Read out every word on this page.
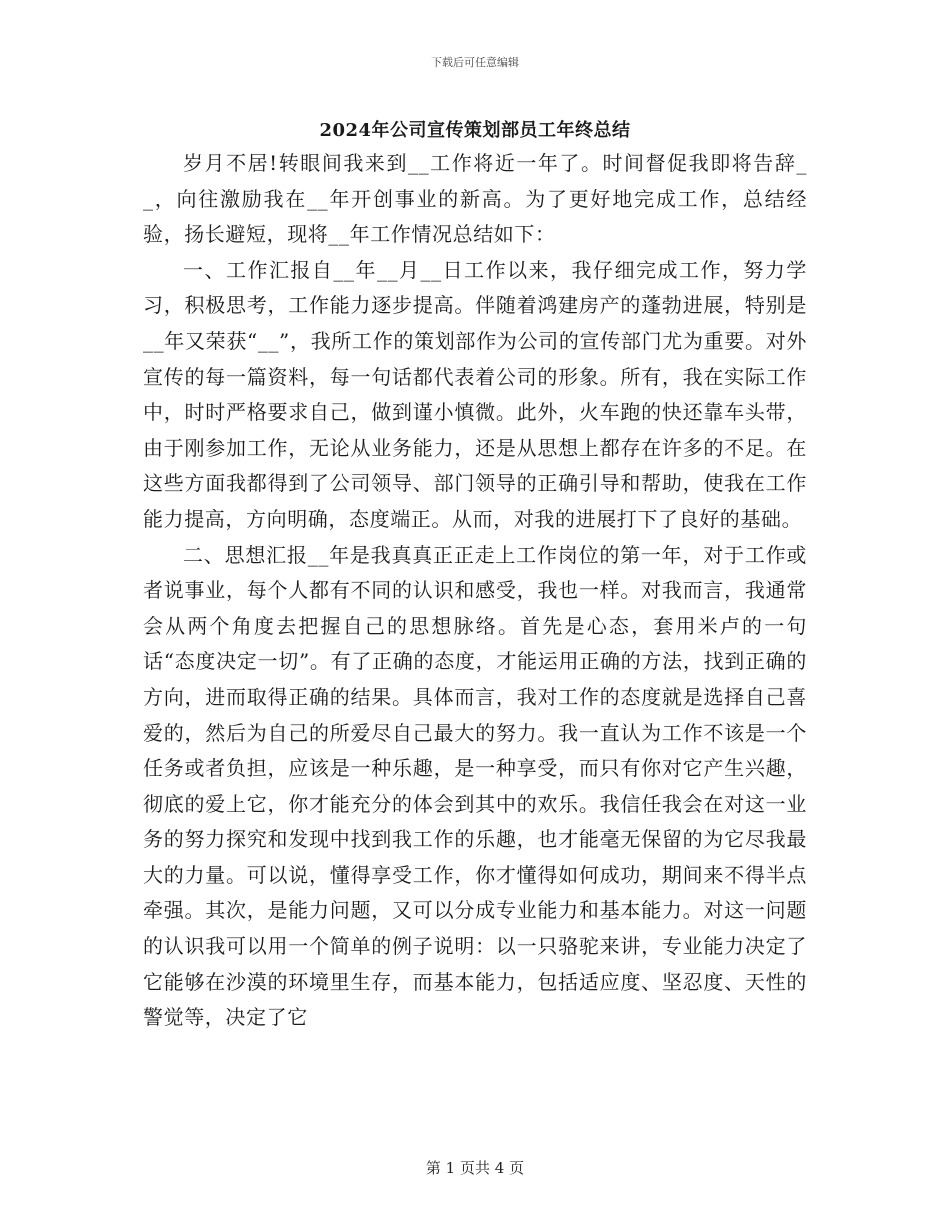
下载后可任意编辑
2024年公司宣传策划部员工年终总结

岁月不居!转眼间我来到__工作将近一年了。时间督促我即将告辞__，向往激励我在__年开创事业的新高。为了更好地完成工作，总结经验，扬长避短，现将__年工作情况总结如下：

一、工作汇报自__年__月__日工作以来，我仔细完成工作，努力学习，积极思考，工作能力逐步提高。伴随着鸿建房产的蓬勃进展，特别是__年又荣获“__”，我所工作的策划部作为公司的宣传部门尤为重要。对外宣传的每一篇资料，每一句话都代表着公司的形象。所有，我在实际工作中，时时严格要求自己，做到谨小慎微。此外，火车跑的快还靠车头带，由于刚参加工作，无论从业务能力，还是从思想上都存在许多的不足。在这些方面我都得到了公司领导、部门领导的正确引导和帮助，使我在工作能力提高，方向明确，态度端正。从而，对我的进展打下了良好的基础。

二、思想汇报__年是我真真正正走上工作岗位的第一年，对于工作或者说事业，每个人都有不同的认识和感受，我也一样。对我而言，我通常会从两个角度去把握自己的思想脉络。首先是心态，套用米卢的一句话“态度决定一切”。有了正确的态度，才能运用正确的方法，找到正确的方向，进而取得正确的结果。具体而言，我对工作的态度就是选择自己喜爱的，然后为自己的所爱尽自己最大的努力。我一直认为工作不该是一个任务或者负担，应该是一种乐趣，是一种享受，而只有你对它产生兴趣，彻底的爱上它，你才能充分的体会到其中的欢乐。我信任我会在对这一业务的努力探究和发现中找到我工作的乐趣，也才能毫无保留的为它尽我最大的力量。可以说，懂得享受工作，你才懂得如何成功，期间来不得半点牵强。其次，是能力问题，又可以分成专业能力和基本能力。对这一问题的认识我可以用一个简单的例子说明：以一只骆驼来讲，专业能力决定了它能够在沙漠的环境里生存，而基本能力，包括适应度、坚忍度、天性的警觉等，决定了它

第 1 页共 4 页
